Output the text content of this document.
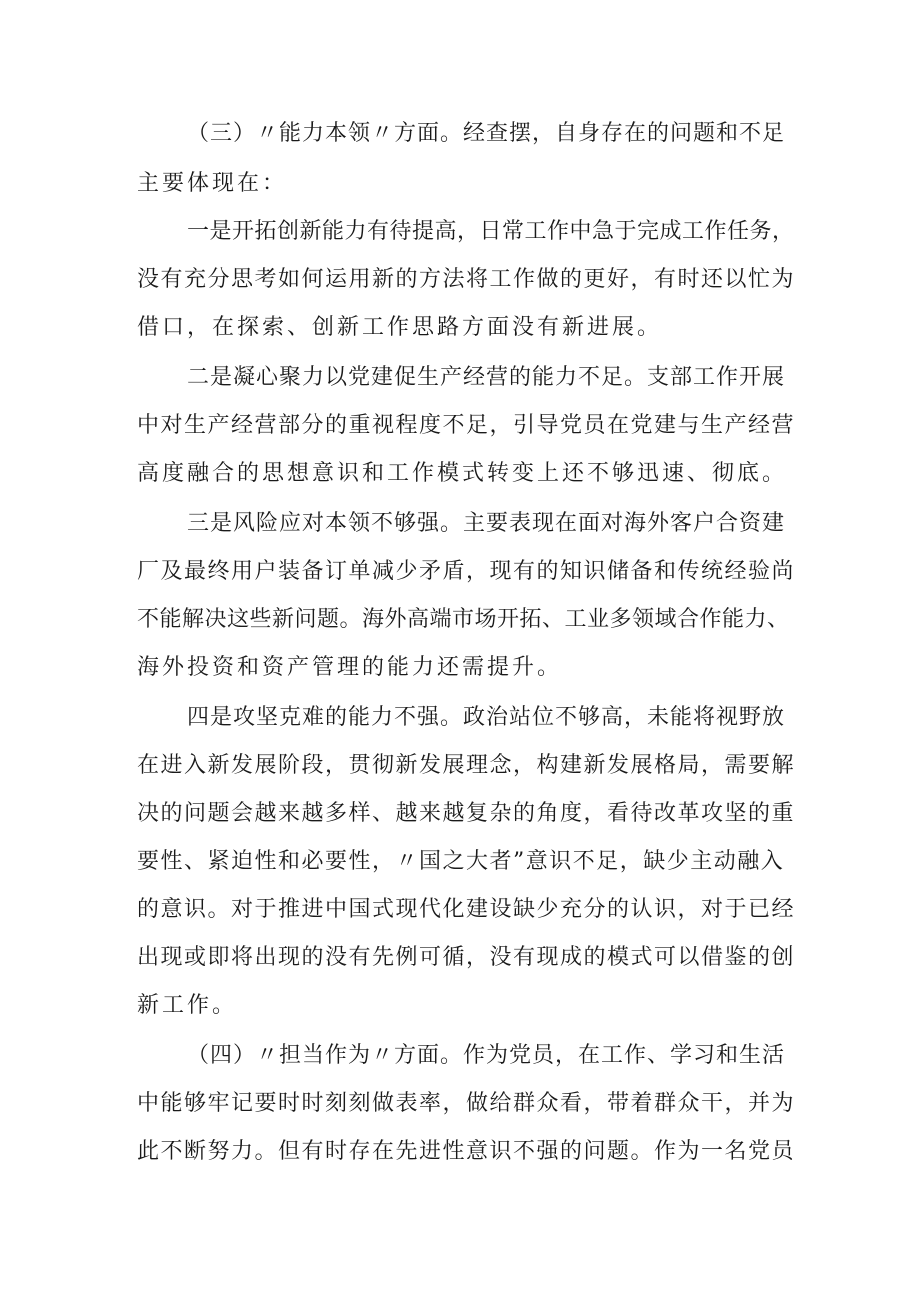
（三）〃能力本领〃方面。经查摆，自身存在的问题和不足
主要体现在：
一是开拓创新能力有待提高，日常工作中急于完成工作任务，
没有充分思考如何运用新的方法将工作做的更好，有时还以忙为
借口，在探索、创新工作思路方面没有新进展。
二是凝心聚力以党建促生产经营的能力不足。支部工作开展
中对生产经营部分的重视程度不足，引导党员在党建与生产经营
高度融合的思想意识和工作模式转变上还不够迅速、彻底。
三是风险应对本领不够强。主要表现在面对海外客户合资建
厂及最终用户装备订单减少矛盾，现有的知识储备和传统经验尚
不能解决这些新问题。海外高端市场开拓、工业多领域合作能力、
海外投资和资产管理的能力还需提升。
四是攻坚克难的能力不强。政治站位不够高，未能将视野放
在进入新发展阶段，贯彻新发展理念，构建新发展格局，需要解
决的问题会越来越多样、越来越复杂的角度，看待改革攻坚的重
要性、紧迫性和必要性，〃国之大者”意识不足，缺少主动融入
的意识。对于推进中国式现代化建设缺少充分的认识，对于已经
出现或即将出现的没有先例可循，没有现成的模式可以借鉴的创
新工作。
（四）〃担当作为〃方面。作为党员，在工作、学习和生活
中能够牢记要时时刻刻做表率，做给群众看，带着群众干，并为
此不断努力。但有时存在先进性意识不强的问题。作为一名党员
